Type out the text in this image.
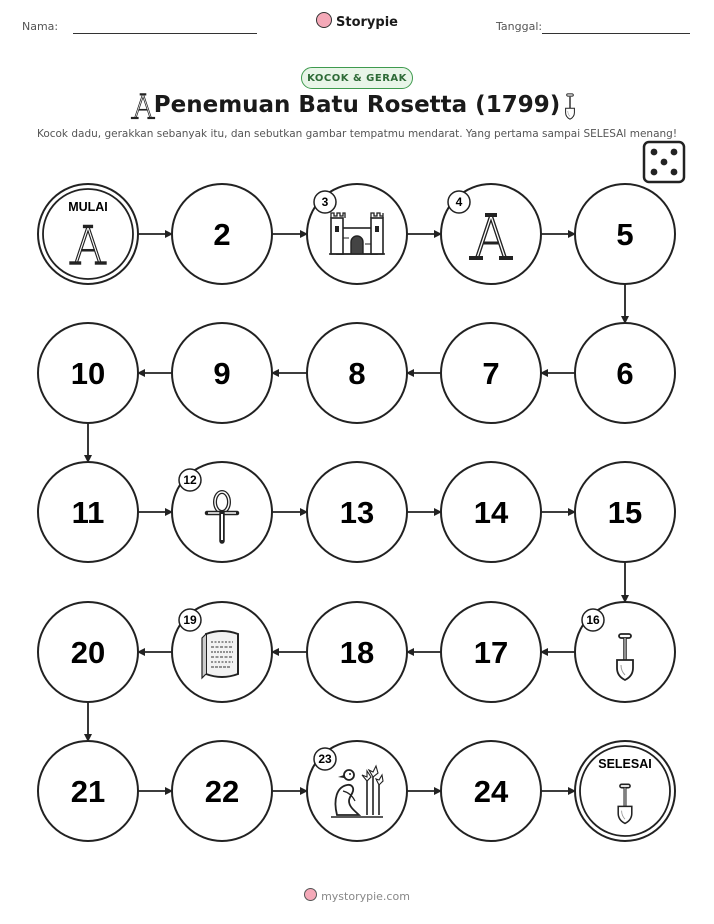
Nama:	Storypie	Tanggal:
KOCOK & GERAK
Penemuan Batu Rosetta (1799)
Kocok dadu, gerakkan sebanyak itu, dan sebutkan gambar tempatmu mendarat. Yang pertama sampai SELESAI menang!
MULAI
2
3	4
5
6
7
8
9
10
11
12
13	14	15
16
17
18
19
20
21	22
23
24
SELESAI
mystorypie.com
